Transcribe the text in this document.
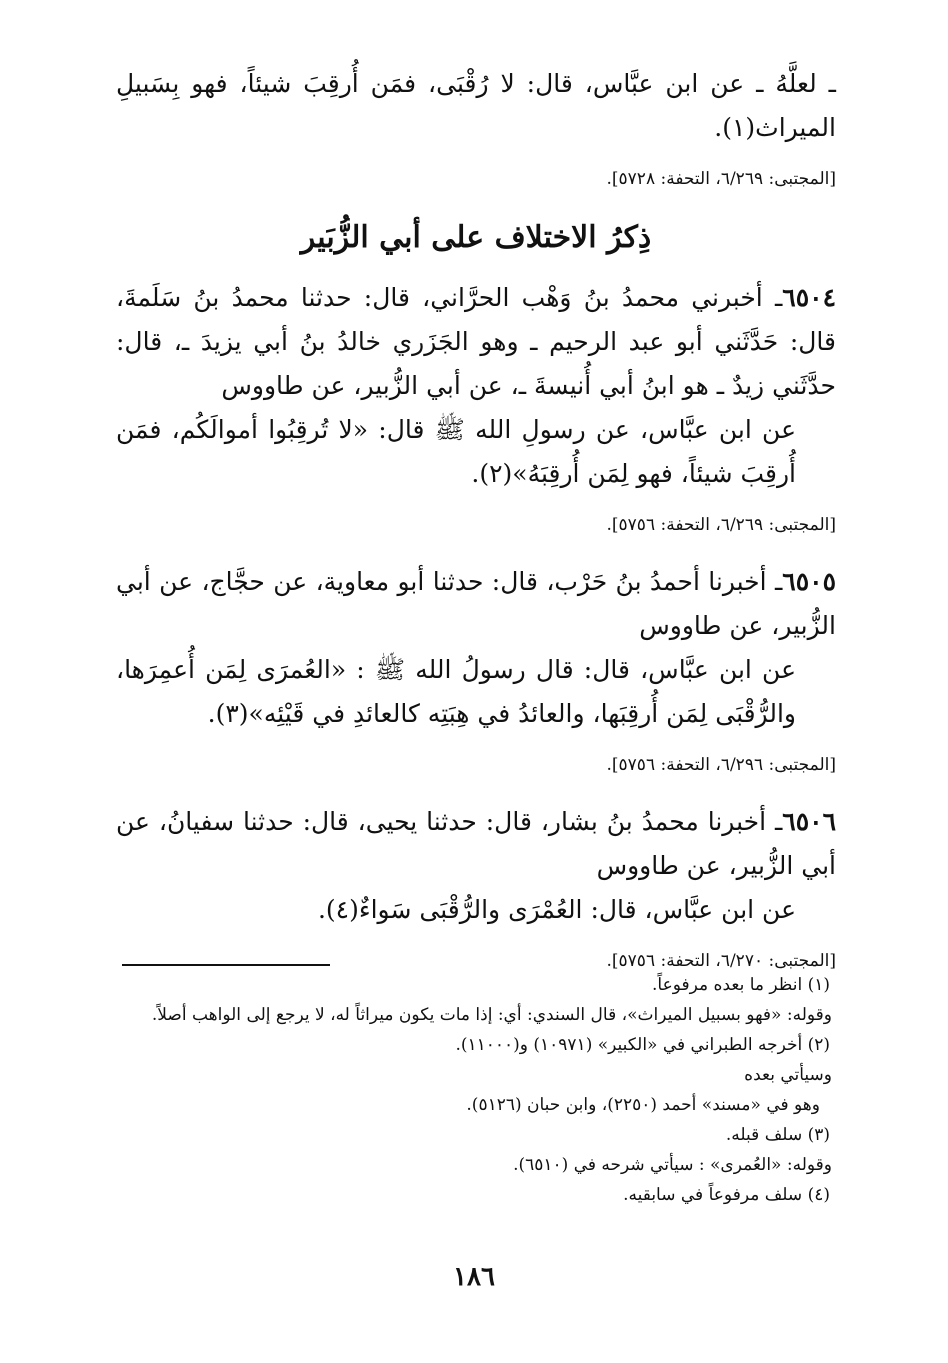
ـ لعلَّهُ ـ عن ابن عبَّاس، قال: لا رُقْبَى، فمَن أُرقِبَ شيئاً، فهو بِسَبيلِ الميراث(١).

[المجتبى: ٦/٢٦٩، التحفة: ٥٧٢٨].

ذِكرُ الاختلاف على أبي الزُّبَير

٦٥٠٤ـ أخبرني محمدُ بنُ وَهْب الحرَّاني، قال: حدثنا محمدُ بنُ سَلَمةَ، قال: حَدَّثَني أبو عبد الرحيم ـ وهو الجَزَري خالدُ بنُ أبي يزيدَ ـ، قال: حدَّثَني زيدٌ ـ هو ابنُ أبي أُنيسةَ ـ، عن أبي الزُّبير، عن طاووس

عن ابن عبَّاس، عن رسولِ الله ﷺ قال: «لا تُرقِبُوا أموالَكُم، فمَن أُرقِبَ شيئاً، فهو لِمَن أُرقِبَهُ»(٢).

[المجتبى: ٦/٢٦٩، التحفة: ٥٧٥٦].

٦٥٠٥ـ أخبرنا أحمدُ بنُ حَرْب، قال: حدثنا أبو معاوية، عن حجَّاج، عن أبي الزُّبير، عن طاووس

عن ابن عبَّاس، قال: قال رسولُ الله ﷺ : «العُمرَى لِمَن أُعمِرَها، والرُّقْبَى لِمَن أُرقِبَها، والعائدُ في هِبَتِه كالعائدِ في قَيْئِه»(٣).

[المجتبى: ٦/٢٩٦، التحفة: ٥٧٥٦].

٦٥٠٦ـ أخبرنا محمدُ بنُ بشار، قال: حدثنا يحيى، قال: حدثنا سفيانُ، عن أبي الزُّبير، عن طاووس

عن ابن عبَّاس، قال: العُمْرَى والرُّقْبَى سَواءٌ(٤).

[المجتبى: ٦/٢٧٠، التحفة: ٥٧٥٦].

(١) انظر ما بعده مرفوعاً.

وقوله: «فهو بسبيل الميراث»، قال السندي: أي: إذا مات يكون ميراثاً له، لا يرجع إلى الواهب أصلاً.

(٢) أخرجه الطبراني في «الكبير» (١٠٩٧١) و(١١٠٠٠).

وسيأتي بعده

وهو في «مسند» أحمد (٢٢٥٠)، وابن حبان (٥١٢٦).

(٣) سلف قبله.

وقوله: «العُمرى» : سيأتي شرحه في (٦٥١٠).

(٤) سلف مرفوعاً في سابقيه.

١٨٦
